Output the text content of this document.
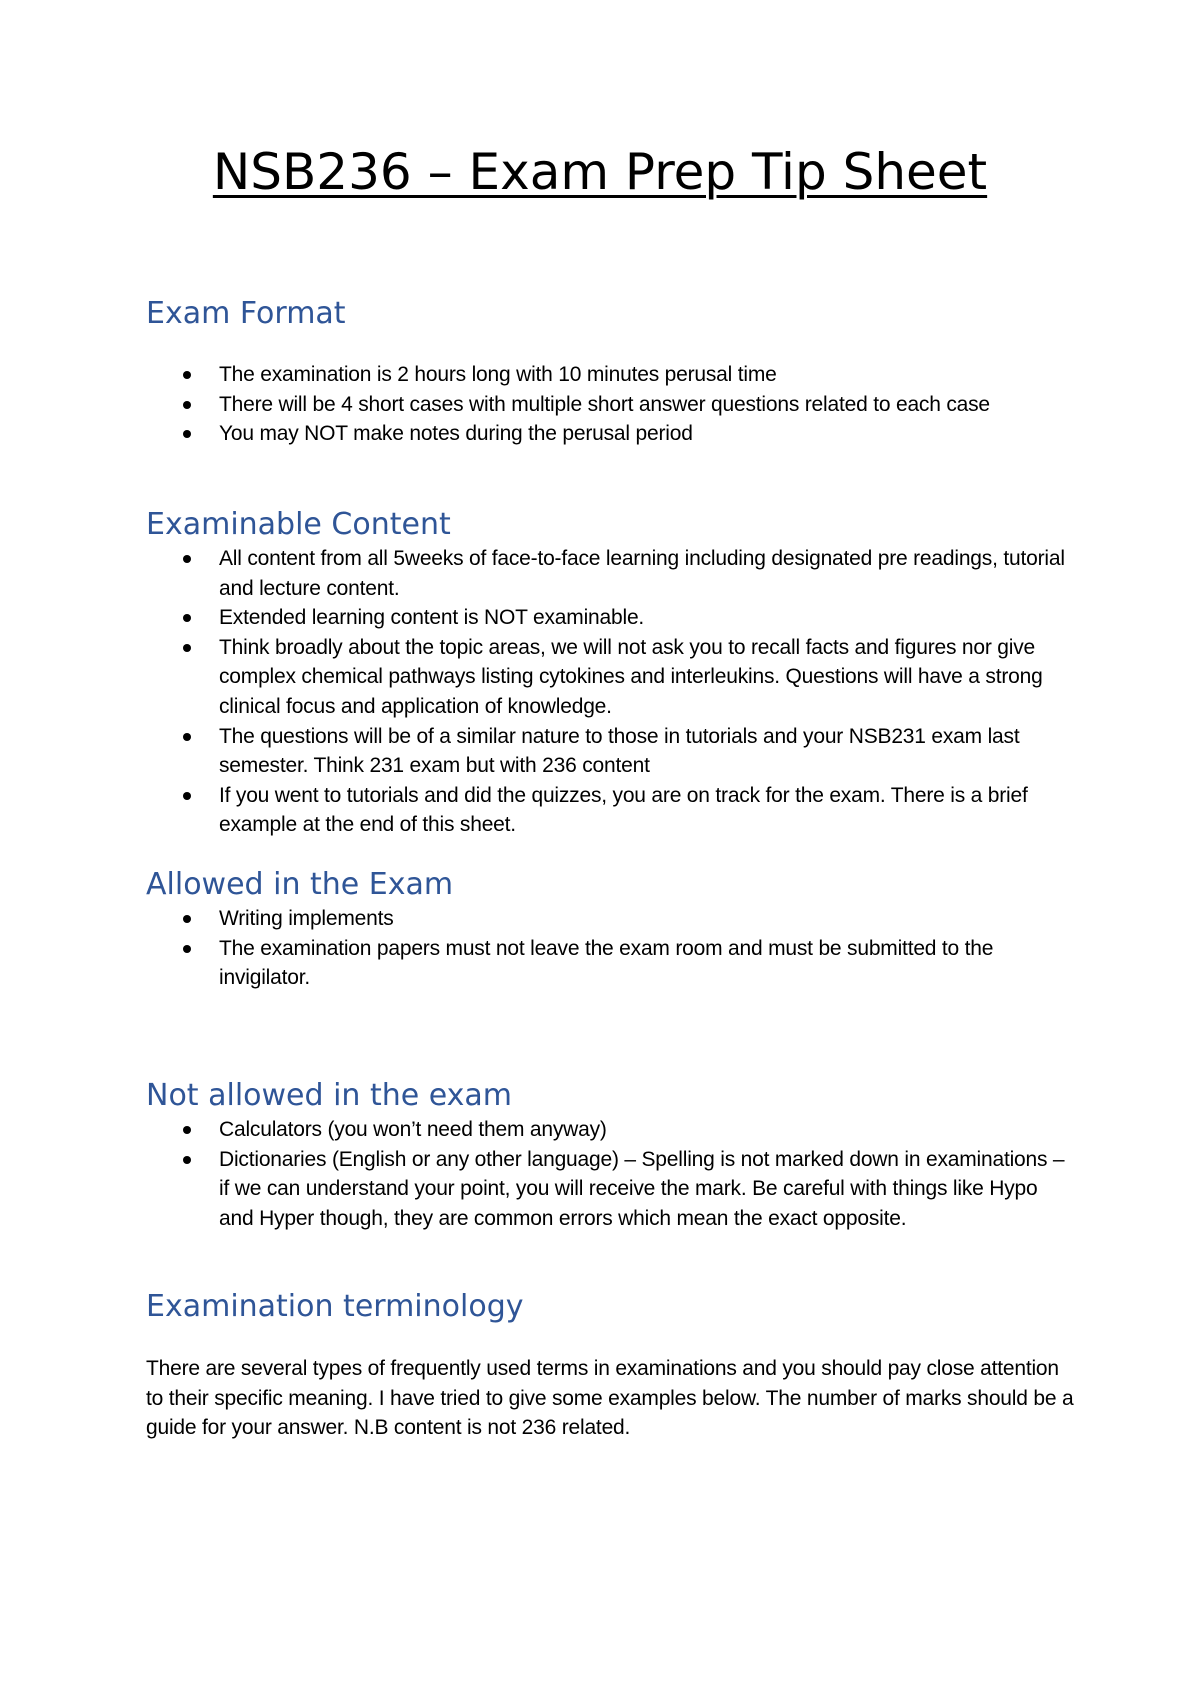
NSB236 – Exam Prep Tip Sheet
Exam Format
The examination is 2 hours long with 10 minutes perusal time
There will be 4 short cases with multiple short answer questions related to each case
You may NOT make notes during the perusal period
Examinable Content
All content from all 5weeks of face-to-face learning including designated pre readings, tutorial and lecture content.
Extended learning content is NOT examinable.
Think broadly about the topic areas, we will not ask you to recall facts and figures nor give complex chemical pathways listing cytokines and interleukins. Questions will have a strong clinical focus and application of knowledge.
The questions will be of a similar nature to those in tutorials and your NSB231 exam last semester. Think 231 exam but with 236 content
If you went to tutorials and did the quizzes, you are on track for the exam. There is a brief example at the end of this sheet.
Allowed in the Exam
Writing implements
The examination papers must not leave the exam room and must be submitted to the invigilator.
Not allowed in the exam
Calculators (you won’t need them anyway)
Dictionaries (English or any other language) – Spelling is not marked down in examinations – if we can understand your point, you will receive the mark. Be careful with things like Hypo and Hyper though, they are common errors which mean the exact opposite.
Examination terminology

There are several types of frequently used terms in examinations and you should pay close attention to their specific meaning. I have tried to give some examples below. The number of marks should be a guide for your answer. N.B content is not 236 related.
